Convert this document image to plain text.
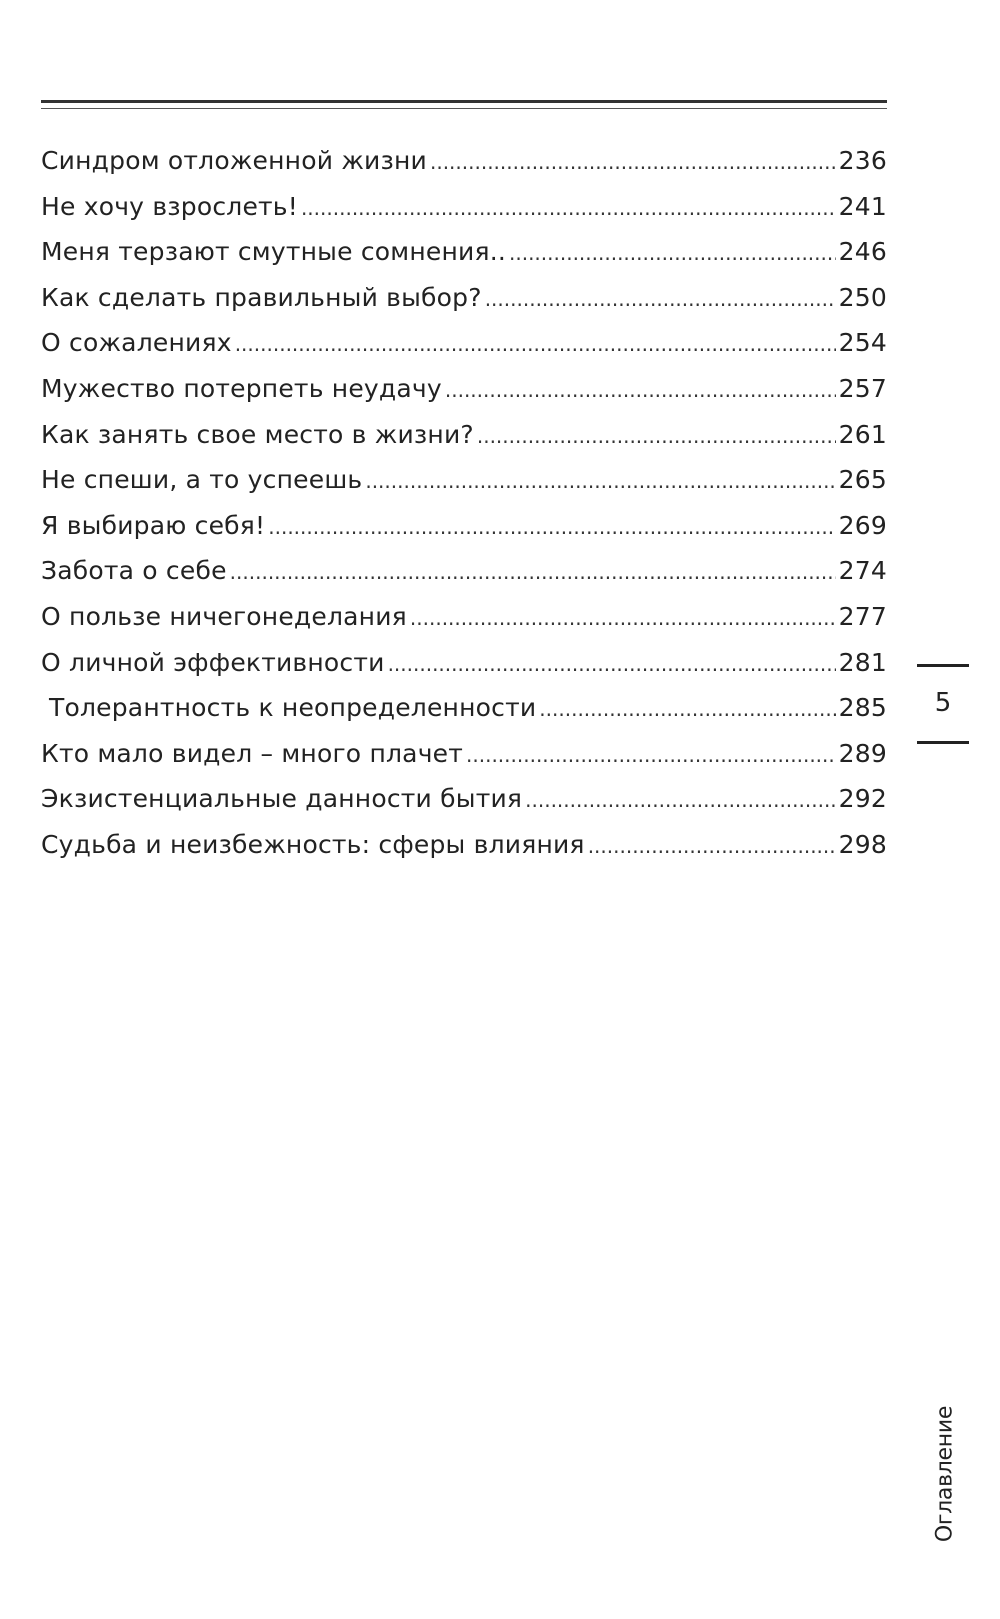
Синдром отложенной жизни .....	236
Не хочу взрослеть! .....	241
Меня терзают смутные сомнения.. .....	246
Как сделать правильный выбор? .....	250
О сожалениях .....	254
Мужество потерпеть неудачу .....	257
Как занять свое место в жизни? .....	261
Не спеши, а то успеешь .....	265
Я выбираю себя! .....	269
Забота о себе .....	274
О пользе ничегонеделания .....	277
О личной эффективности .....	281
Толерантность к неопределенности .....	285
Кто мало видел – много плачет .....	289
Экзистенциальные данности бытия .....	292
Судьба и неизбежность: сферы влияния .....	298
5
Оглавление
